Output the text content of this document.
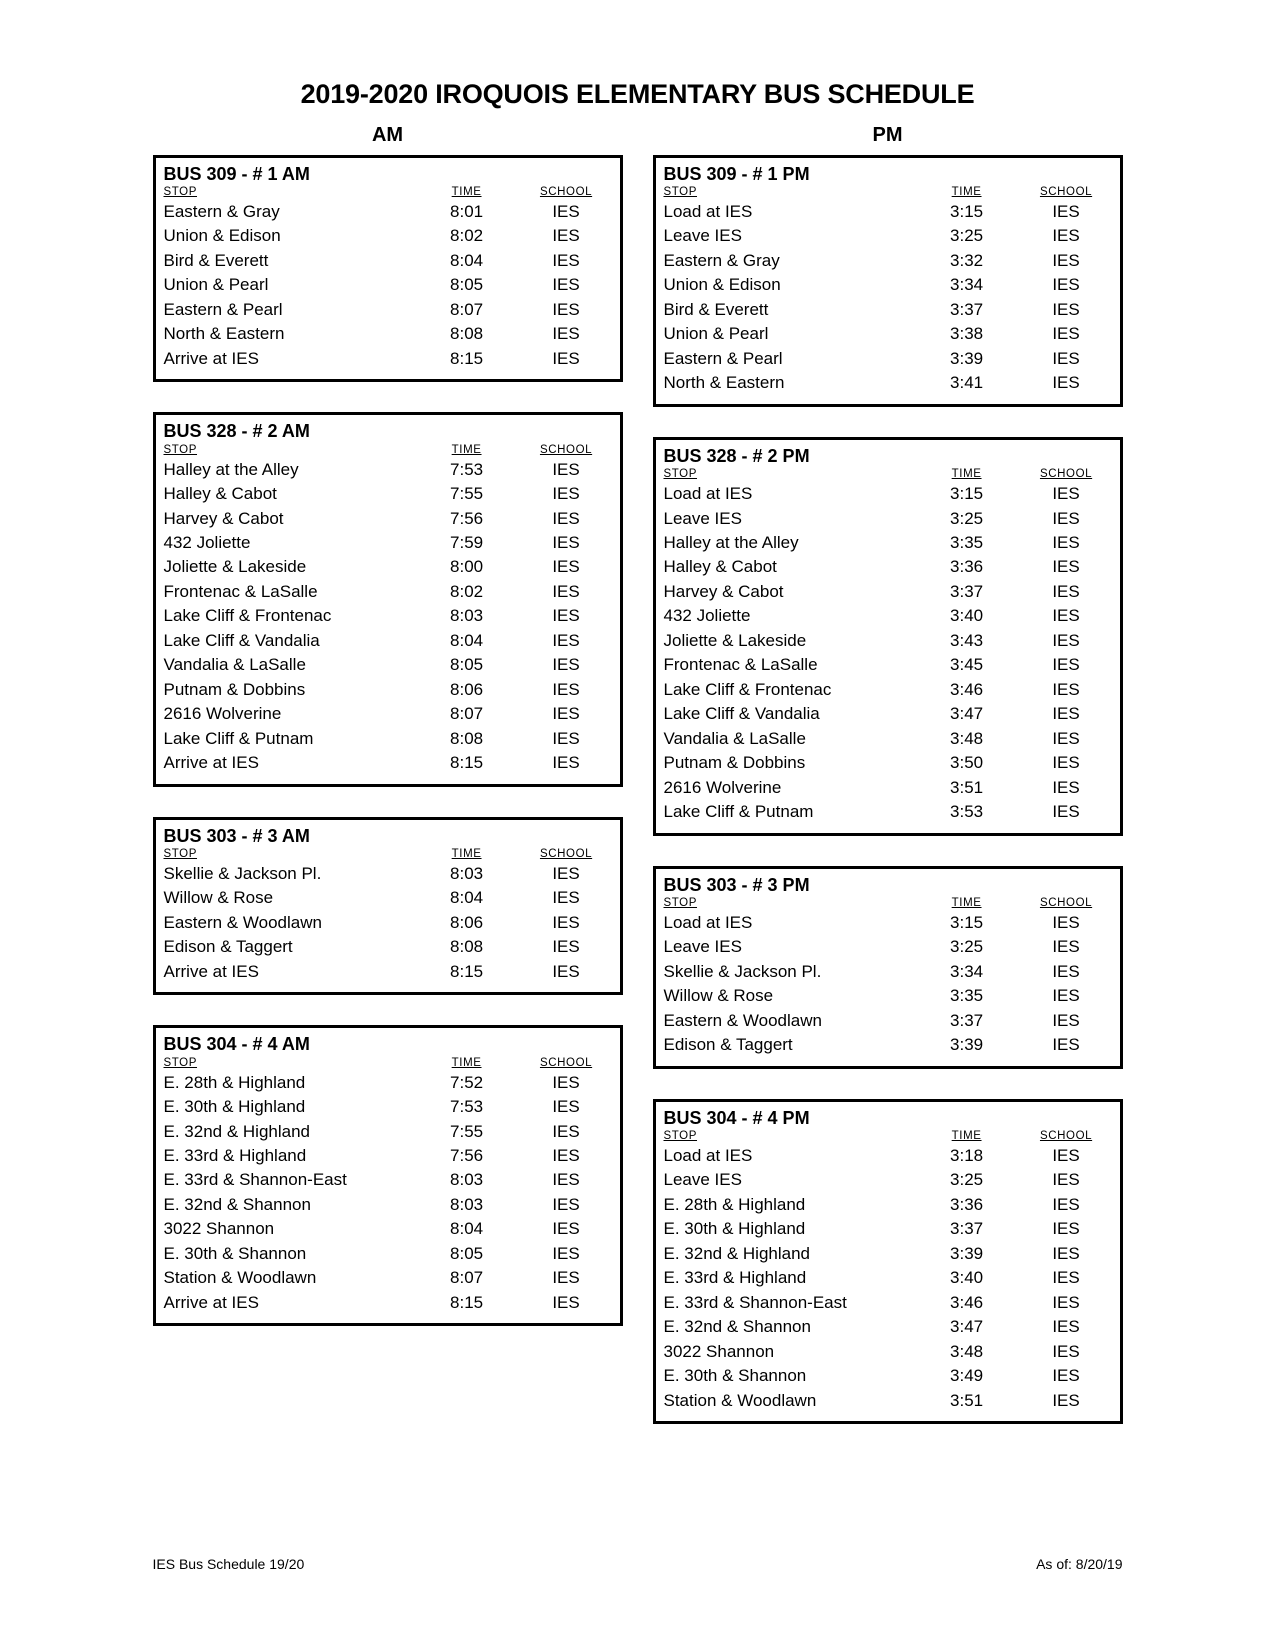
2019-2020 IROQUOIS ELEMENTARY BUS SCHEDULE
AM	PM
BUS 309 - # 1 AM
STOP	TIME	SCHOOL
Eastern & Gray	8:01	IES
Union & Edison	8:02	IES
Bird & Everett	8:04	IES
Union & Pearl	8:05	IES
Eastern & Pearl	8:07	IES
North & Eastern	8:08	IES
Arrive at IES	8:15	IES
BUS 328 - # 2 AM
STOP	TIME	SCHOOL
Halley at the Alley	7:53	IES
Halley & Cabot	7:55	IES
Harvey & Cabot	7:56	IES
432 Joliette	7:59	IES
Joliette & Lakeside	8:00	IES
Frontenac & LaSalle	8:02	IES
Lake Cliff & Frontenac	8:03	IES
Lake Cliff & Vandalia	8:04	IES
Vandalia & LaSalle	8:05	IES
Putnam & Dobbins	8:06	IES
2616 Wolverine	8:07	IES
Lake Cliff & Putnam	8:08	IES
Arrive at IES	8:15	IES
BUS 303 - # 3 AM
STOP	TIME	SCHOOL
Skellie & Jackson Pl.	8:03	IES
Willow & Rose	8:04	IES
Eastern & Woodlawn	8:06	IES
Edison & Taggert	8:08	IES
Arrive at IES	8:15	IES
BUS 304 - # 4 AM
STOP	TIME	SCHOOL
E. 28th & Highland	7:52	IES
E. 30th & Highland	7:53	IES
E. 32nd & Highland	7:55	IES
E. 33rd & Highland	7:56	IES
E. 33rd & Shannon-East	8:03	IES
E. 32nd & Shannon	8:03	IES
3022 Shannon	8:04	IES
E. 30th & Shannon	8:05	IES
Station & Woodlawn	8:07	IES
Arrive at IES	8:15	IES
BUS 309 - # 1 PM
STOP	TIME	SCHOOL
Load at IES	3:15	IES
Leave IES	3:25	IES
Eastern & Gray	3:32	IES
Union & Edison	3:34	IES
Bird & Everett	3:37	IES
Union & Pearl	3:38	IES
Eastern & Pearl	3:39	IES
North & Eastern	3:41	IES
BUS 328 - # 2 PM
STOP	TIME	SCHOOL
Load at IES	3:15	IES
Leave IES	3:25	IES
Halley at the Alley	3:35	IES
Halley & Cabot	3:36	IES
Harvey & Cabot	3:37	IES
432 Joliette	3:40	IES
Joliette & Lakeside	3:43	IES
Frontenac & LaSalle	3:45	IES
Lake Cliff & Frontenac	3:46	IES
Lake Cliff & Vandalia	3:47	IES
Vandalia & LaSalle	3:48	IES
Putnam & Dobbins	3:50	IES
2616 Wolverine	3:51	IES
Lake Cliff & Putnam	3:53	IES
BUS 303 - # 3 PM
STOP	TIME	SCHOOL
Load at IES	3:15	IES
Leave IES	3:25	IES
Skellie & Jackson Pl.	3:34	IES
Willow & Rose	3:35	IES
Eastern & Woodlawn	3:37	IES
Edison & Taggert	3:39	IES
BUS 304 - # 4 PM
STOP	TIME	SCHOOL
Load at IES	3:18	IES
Leave IES	3:25	IES
E. 28th & Highland	3:36	IES
E. 30th & Highland	3:37	IES
E. 32nd & Highland	3:39	IES
E. 33rd & Highland	3:40	IES
E. 33rd & Shannon-East	3:46	IES
E. 32nd & Shannon	3:47	IES
3022 Shannon	3:48	IES
E. 30th & Shannon	3:49	IES
Station & Woodlawn	3:51	IES
IES Bus Schedule 19/20	As of: 8/20/19
